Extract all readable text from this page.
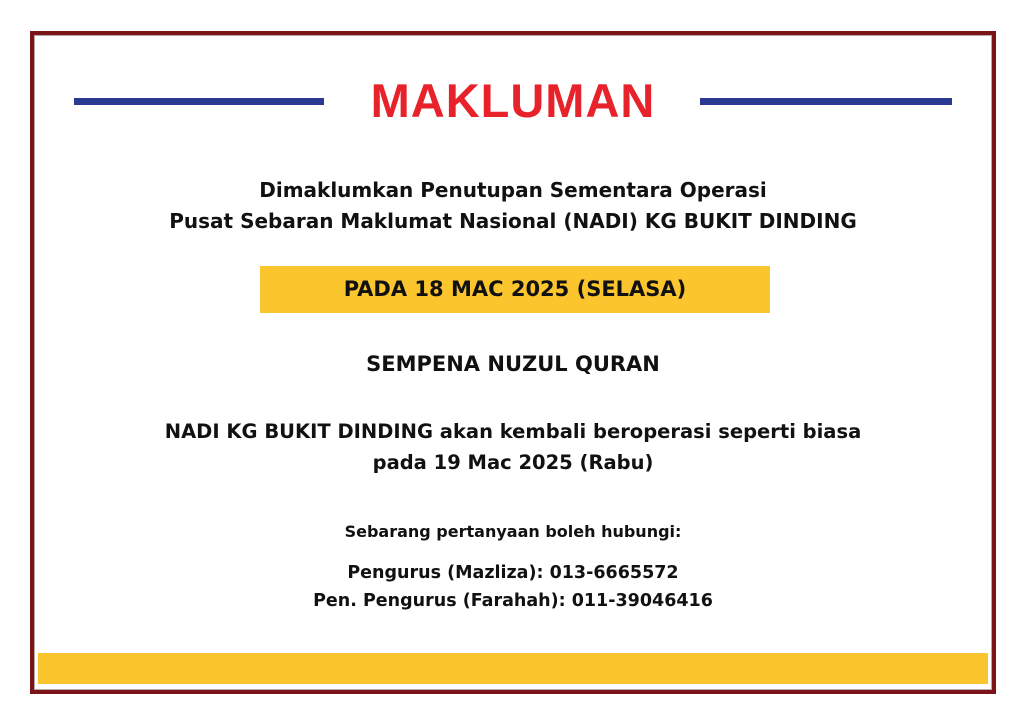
MAKLUMAN
Dimaklumkan Penutupan Sementara Operasi
Pusat Sebaran Maklumat Nasional (NADI) KG BUKIT DINDING
PADA 18 MAC 2025 (SELASA)
SEMPENA NUZUL QURAN
NADI KG BUKIT DINDING akan kembali beroperasi seperti biasa
pada 19 Mac 2025 (Rabu)
Sebarang pertanyaan boleh hubungi:
Pengurus (Mazliza): 013-6665572
Pen. Pengurus (Farahah): 011-39046416
